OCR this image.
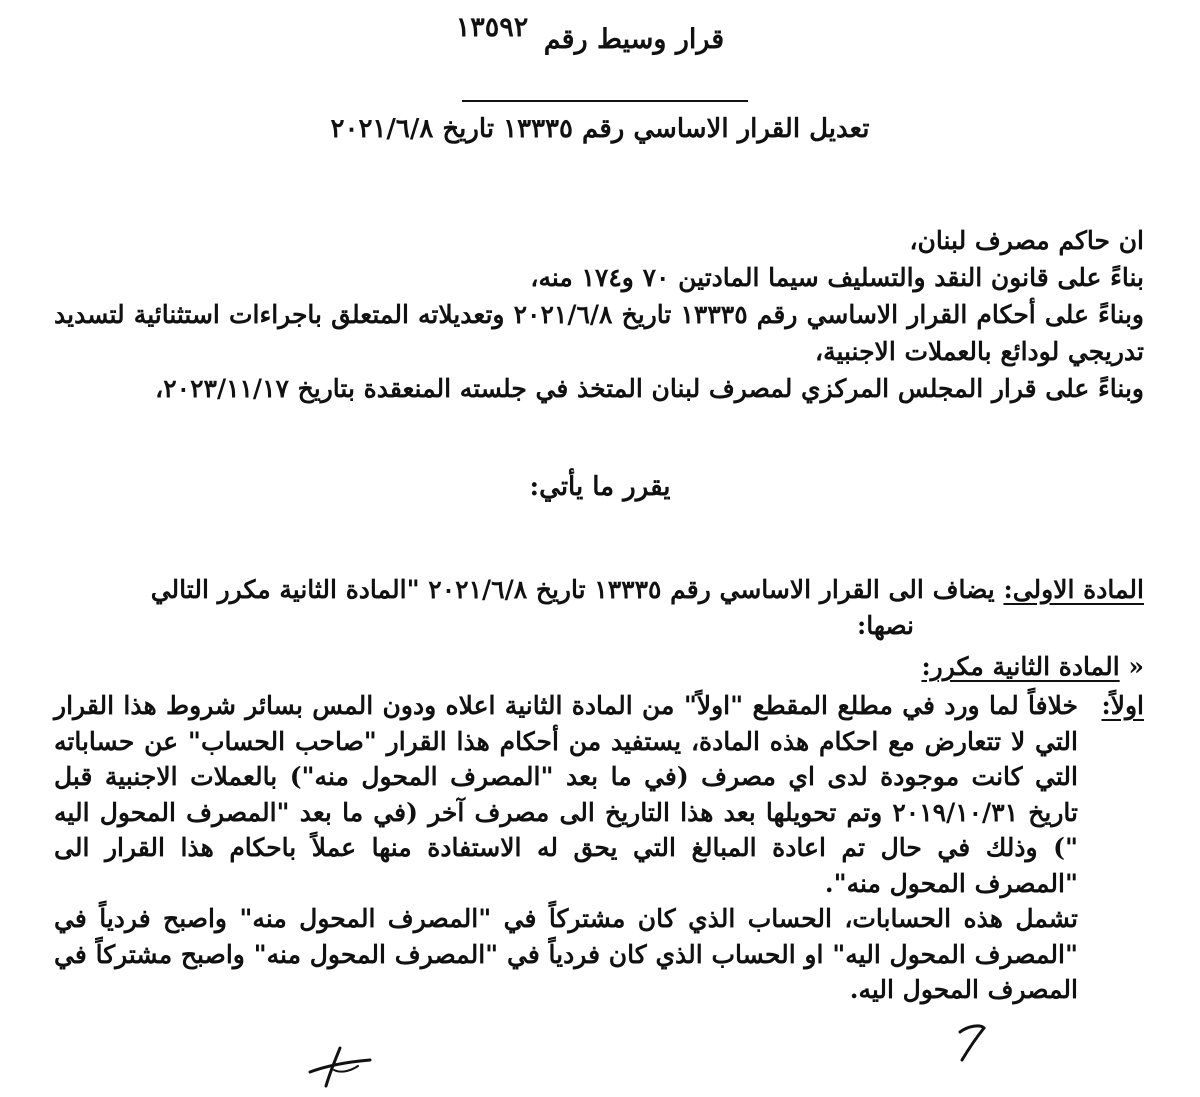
قرار وسيط رقم ١٣٥٩٢
تعديل القرار الاساسي رقم ١٣٣٣٥ تاريخ ٢٠٢١/٦/٨

ان حاكم مصرف لبنان،

بناءً على قانون النقد والتسليف سيما المادتين ٧٠ و١٧٤ منه،

وبناءً على أحكام القرار الاساسي رقم ١٣٣٣٥ تاريخ ٢٠٢١/٦/٨ وتعديلاته المتعلق باجراءات استثنائية لتسديد تدريجي لودائع بالعملات الاجنبية،

وبناءً على قرار المجلس المركزي لمصرف لبنان المتخذ في جلسته المنعقدة بتاريخ ٢٠٢٣/١١/١٧،

يقرر ما يأتي:

المادة الاولى: يضاف الى القرار الاساسي رقم ١٣٣٣٥ تاريخ ٢٠٢١/٦/٨ "المادة الثانية مكرر التالي

نصها:

« المادة الثانية مكرر:
اولاً:

خلافاً لما ورد في مطلع المقطع "اولاً" من المادة الثانية اعلاه ودون المس بسائر شروط هذا القرار التي لا تتعارض مع احكام هذه المادة، يستفيد من أحكام هذا القرار "صاحب الحساب" عن حساباته التي كانت موجودة لدى اي مصرف (في ما بعد "المصرف المحول منه") بالعملات الاجنبية قبل تاريخ ٢٠١٩/١٠/٣١ وتم تحويلها بعد هذا التاريخ الى مصرف آخر (في ما بعد "المصرف المحول اليه ") وذلك في حال تم اعادة المبالغ التي يحق له الاستفادة منها عملاً باحكام هذا القرار الى "المصرف المحول منه".

تشمل هذه الحسابات، الحساب الذي كان مشتركاً في "المصرف المحول منه" واصبح فردياً في "المصرف المحول اليه" او الحساب الذي كان فردياً في "المصرف المحول منه" واصبح مشتركاً في المصرف المحول اليه.
